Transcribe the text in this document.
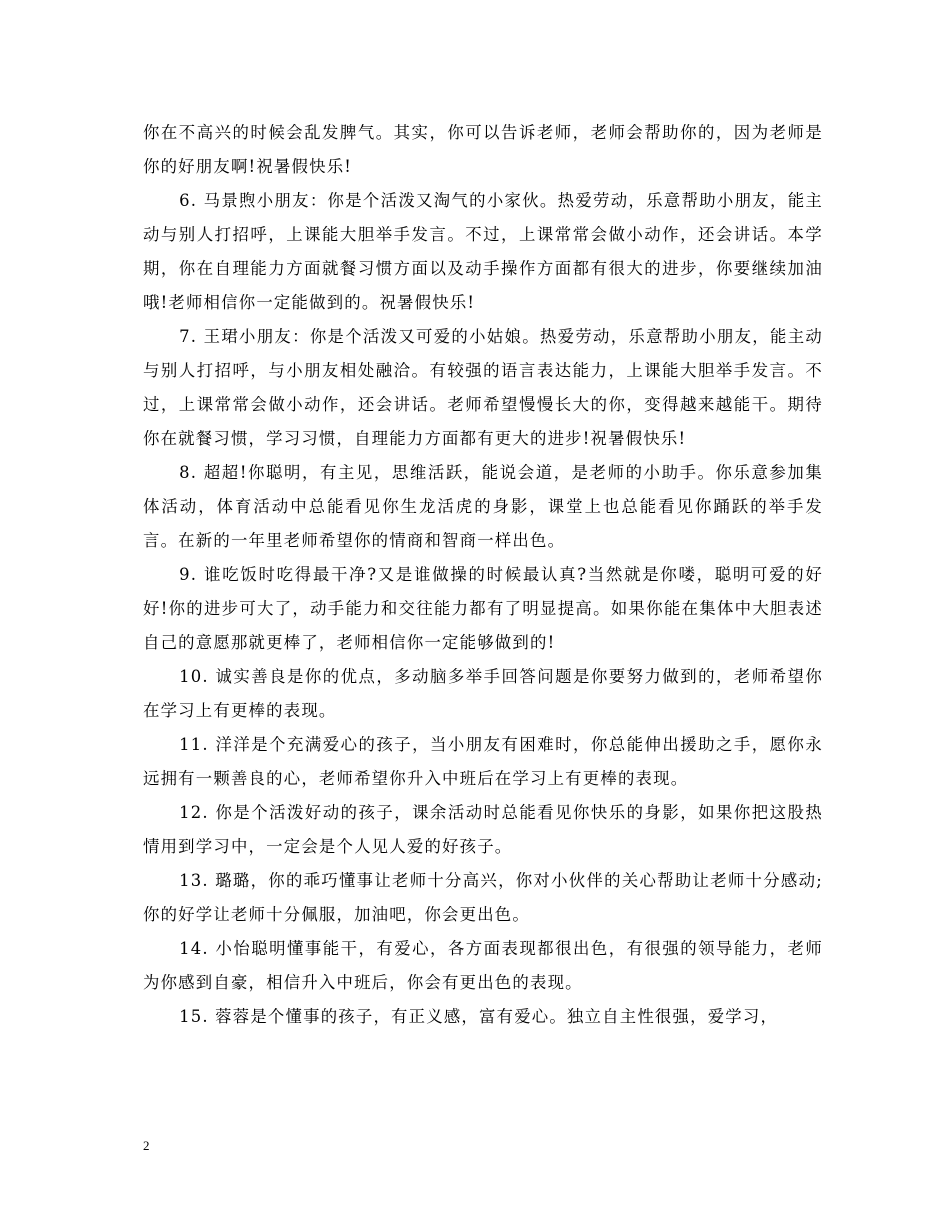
你在不高兴的时候会乱发脾气。其实，你可以告诉老师，老师会帮助你的，因为老师是你的好朋友啊!祝暑假快乐!

6. 马景煦小朋友：你是个活泼又淘气的小家伙。热爱劳动，乐意帮助小朋友，能主动与别人打招呼，上课能大胆举手发言。不过，上课常常会做小动作，还会讲话。本学期，你在自理能力方面就餐习惯方面以及动手操作方面都有很大的进步，你要继续加油哦!老师相信你一定能做到的。祝暑假快乐!

7. 王珺小朋友：你是个活泼又可爱的小姑娘。热爱劳动，乐意帮助小朋友，能主动与别人打招呼，与小朋友相处融洽。有较强的语言表达能力，上课能大胆举手发言。不过，上课常常会做小动作，还会讲话。老师希望慢慢长大的你，变得越来越能干。期待你在就餐习惯，学习习惯，自理能力方面都有更大的进步!祝暑假快乐!

8. 超超!你聪明，有主见，思维活跃，能说会道，是老师的小助手。你乐意参加集体活动，体育活动中总能看见你生龙活虎的身影，课堂上也总能看见你踊跃的举手发言。在新的一年里老师希望你的情商和智商一样出色。

9. 谁吃饭时吃得最干净?又是谁做操的时候最认真?当然就是你喽，聪明可爱的好好!你的进步可大了，动手能力和交往能力都有了明显提高。如果你能在集体中大胆表述自己的意愿那就更棒了，老师相信你一定能够做到的!

10. 诚实善良是你的优点，多动脑多举手回答问题是你要努力做到的，老师希望你在学习上有更棒的表现。

11. 洋洋是个充满爱心的孩子，当小朋友有困难时，你总能伸出援助之手，愿你永远拥有一颗善良的心，老师希望你升入中班后在学习上有更棒的表现。

12. 你是个活泼好动的孩子，课余活动时总能看见你快乐的身影，如果你把这股热情用到学习中，一定会是个人见人爱的好孩子。

13. 璐璐，你的乖巧懂事让老师十分高兴，你对小伙伴的关心帮助让老师十分感动;你的好学让老师十分佩服，加油吧，你会更出色。

14. 小怡聪明懂事能干，有爱心，各方面表现都很出色，有很强的领导能力，老师为你感到自豪，相信升入中班后，你会有更出色的表现。

15. 蓉蓉是个懂事的孩子，有正义感，富有爱心。独立自主性很强，爱学习，

2
